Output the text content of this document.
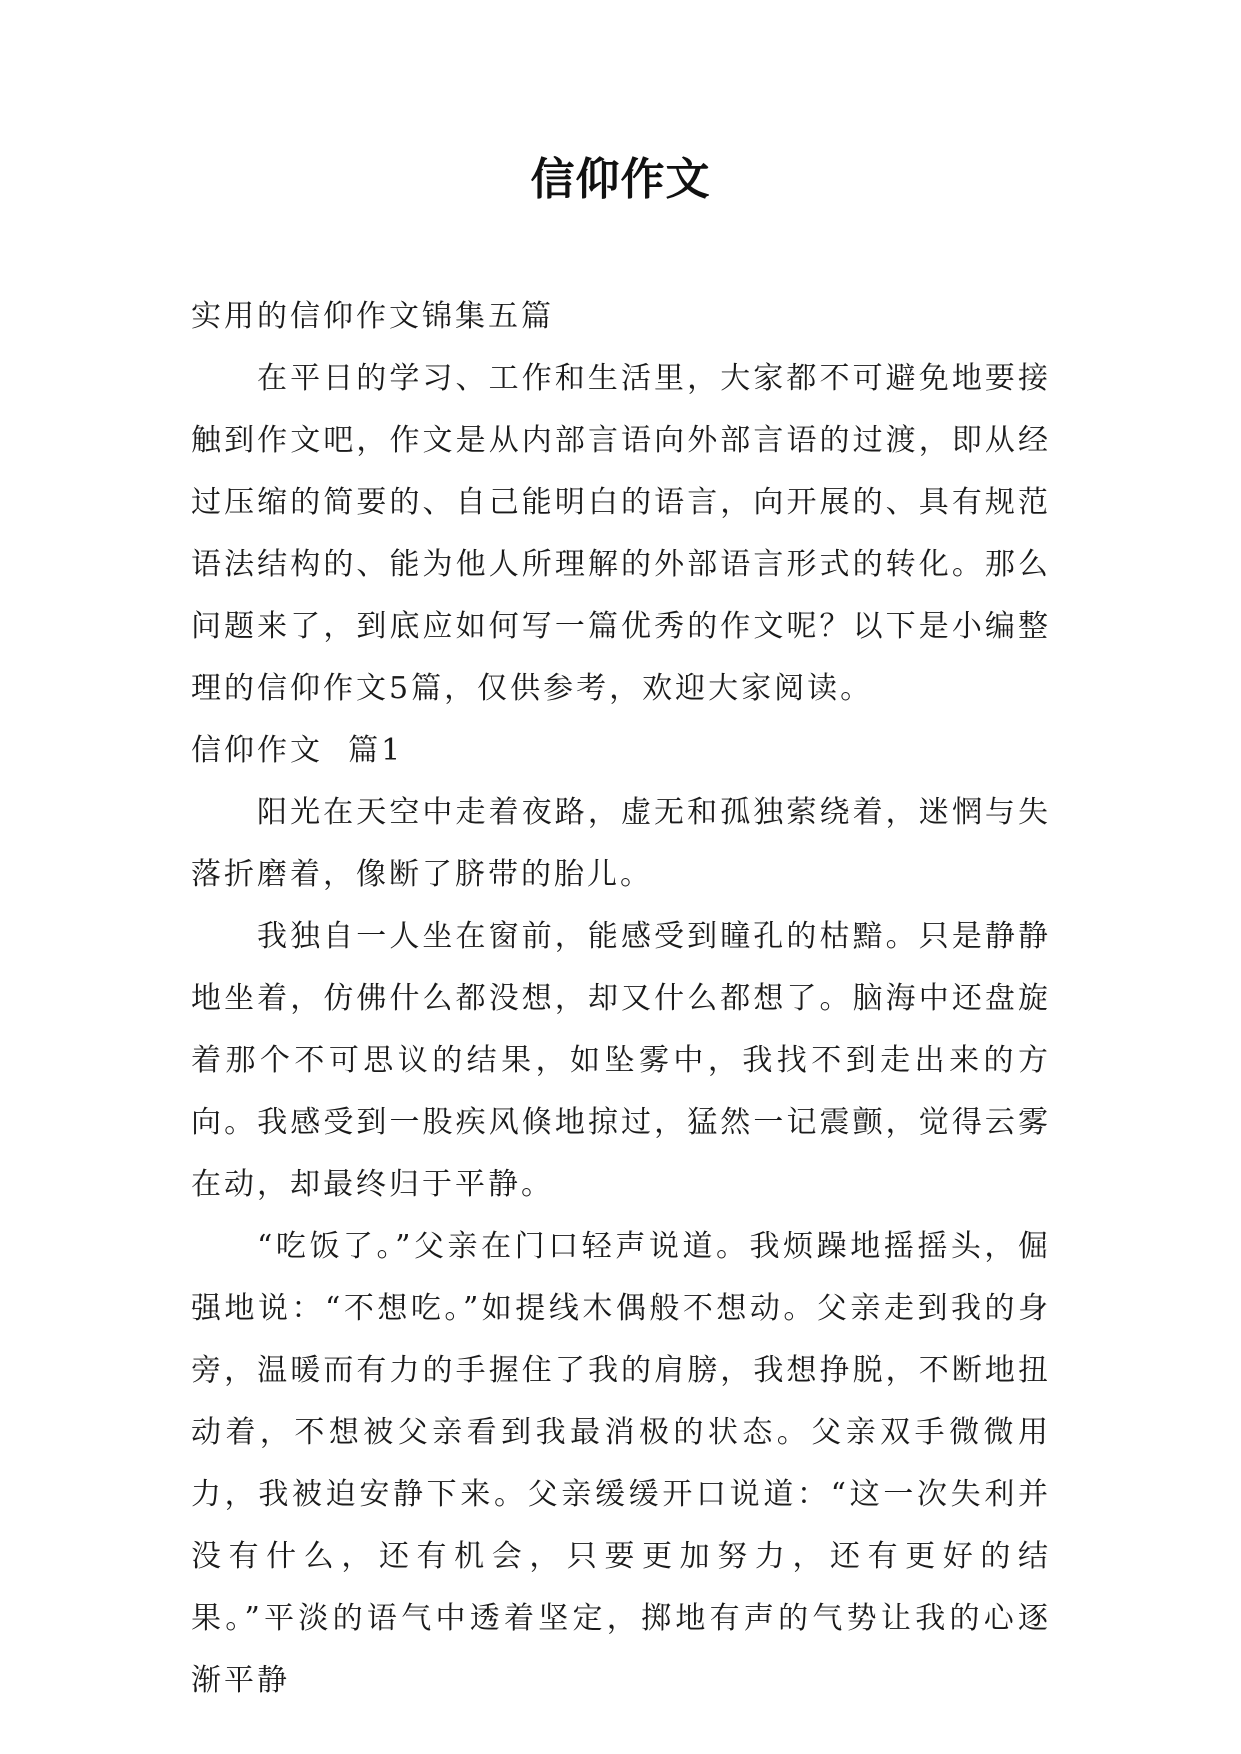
信仰作文

实用的信仰作文锦集五篇

在平日的学习、工作和生活里，大家都不可避免地要接触到作文吧，作文是从内部言语向外部言语的过渡，即从经过压缩的简要的、自己能明白的语言，向开展的、具有规范语法结构的、能为他人所理解的外部语言形式的转化。那么问题来了，到底应如何写一篇优秀的作文呢？以下是小编整理的信仰作文5篇，仅供参考，欢迎大家阅读。

信仰作文  篇1

阳光在天空中走着夜路，虚无和孤独萦绕着，迷惘与失落折磨着，像断了脐带的胎儿。

我独自一人坐在窗前，能感受到瞳孔的枯黯。只是静静地坐着，仿佛什么都没想，却又什么都想了。脑海中还盘旋着那个不可思议的结果，如坠雾中，我找不到走出来的方向。我感受到一股疾风倏地掠过，猛然一记震颤，觉得云雾在动，却最终归于平静。

“吃饭了。”父亲在门口轻声说道。我烦躁地摇摇头，倔强地说：“不想吃。”如提线木偶般不想动。父亲走到我的身旁，温暖而有力的手握住了我的肩膀，我想挣脱，不断地扭动着，不想被父亲看到我最消极的状态。父亲双手微微用力，我被迫安静下来。父亲缓缓开口说道：“这一次失利并没有什么，还有机会，只要更加努力，还有更好的结果。”平淡的语气中透着坚定，掷地有声的气势让我的心逐渐平静
